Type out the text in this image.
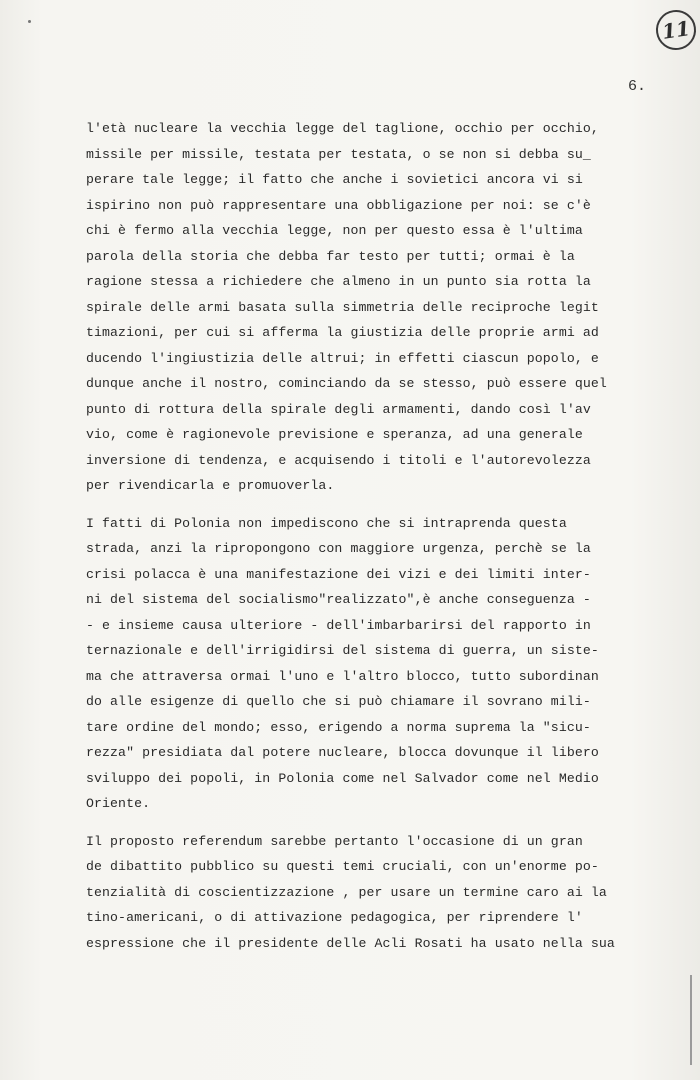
11
6.
l'età nucleare la vecchia legge del taglione, occhio per occhio,
missile per missile, testata per testata, o se non si debba su_
perare tale legge; il fatto che anche i sovietici ancora vi si
ispirino non può rappresentare una obbligazione per noi: se c'è
chi è fermo alla vecchia legge, non per questo essa è l'ultima
parola della storia che debba far testo per tutti; ormai è la
ragione stessa a richiedere che almeno in un punto sia rotta la
spirale delle armi basata sulla simmetria delle reciproche legit
timazioni, per cui si afferma la giustizia delle proprie armi ad
ducendo l'ingiustizia delle altrui; in effetti ciascun popolo, e
dunque anche il nostro, cominciando da se stesso, può essere quel
punto di rottura della spirale degli armamenti, dando così l'av
vio, come è ragionevole previsione e speranza, ad una generale
inversione di tendenza, e acquisendo i titoli e l'autorevolezza
per rivendicarla e promuoverla.
I fatti di Polonia non impediscono che si intraprenda questa
strada, anzi la ripropongono con maggiore urgenza, perchè se la
crisi polacca è una manifestazione dei vizi e dei limiti inter-
ni del sistema del socialismo"realizzato",è anche conseguenza -
- e insieme causa ulteriore - dell'imbarbarirsi del rapporto in
ternazionale e dell'irrigidirsi del sistema di guerra, un siste-
ma che attraversa ormai l'uno e l'altro blocco, tutto subordinan
do alle esigenze di quello che si può chiamare il sovrano mili-
tare ordine del mondo; esso, erigendo a norma suprema la "sicu-
rezza" presidiata dal potere nucleare, blocca dovunque il libero
sviluppo dei popoli, in Polonia come nel Salvador come nel Medio
Oriente.
Il proposto referendum sarebbe pertanto l'occasione di un gran
de dibattito pubblico su questi temi cruciali, con un'enorme po-
tenzialità di coscientizzazione , per usare un termine caro ai la
tino-americani, o di attivazione pedagogica, per riprendere l'
espressione che il presidente delle Acli Rosati ha usato nella sua
